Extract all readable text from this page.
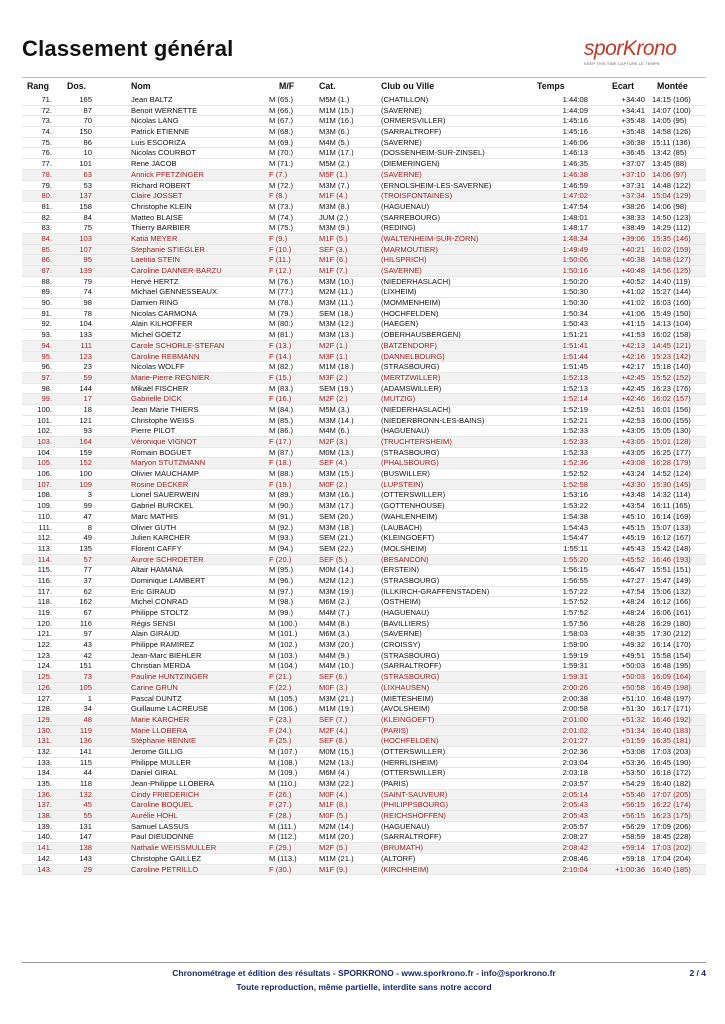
Classement général	sporKrono
KEEP THIS TIME CAPTURE LE TEMPS
Rang	Dos.	Nom	M/F	Cat.	Club ou Ville	Temps	Ecart	Montée
71.	165	Jean BALTZ	M (65.)	M5M (1.)	(CHATILLON)	1:44:08	+34:40 14:15 (106)
72.	87	Benoit WERNETTE	M (66.)	M1M (15.)	(SAVERNE)	1:44:09	+34:41 14:07 (100)
73.	70	Nicolas LANG	M (67.)	M1M (16.)	(ORMERSVILLER)	1:45:16	+35:48 14:05 (95)
74.	150	Patrick ETIENNE	M (68.)	M3M (6.)	(SARRALTROFF)	1:45:16	+35:48 14:58 (126)
75.	86	Luis ESCORIZA	M (69.)	M4M (5.)	(SAVERNE)	1:46:06	+36:38 15:11 (136)
76.	10	Nicolas COURBOT	M (70.)	M1M (17.)	(DOSSENHEIM-SUR-ZINSEL)	1:46:13	+36:45 13:42 (85)
77.	101	Rene JACOB	M (71.)	M5M (2.)	(DIEMERINGEN)	1:46:35	+37:07 13:45 (88)
78.	63	Annick PFETZINGER	F (7.)	M5F (1.)	(SAVERNE)	1:46:38	+37:10 14:06 (97)
79.	53	Richard ROBERT	M (72.)	M3M (7.)	(ERNOLSHEIM-LES-SAVERNE)	1:46:59	+37:31 14:48 (122)
80.	137	Claire JOSSET	F (8.)	M1F (4.)	(TROISFONTAINES)	1:47:02	+37:34 15:04 (129)
81.	158	Christophe KLEIN	M (73.)	M3M (8.)	(HAGUENAU)	1:47:54	+38:26 14:06 (98)
82.	84	Matteo BLAISE	M (74.)	JUM (2.)	(SARREBOURG)	1:48:01	+38:33 14:50 (123)
83.	75	Thierry BARBIER	M (75.)	M3M (9.)	(REDING)	1:48:17	+38:49 14:29 (112)
84.	103	Katia MEYER	F (9.)	M1F (5.)	(WALTENHEIM-SUR-ZORN)	1:48:34	+39:06 15:35 (146)
85.	107	Stephanie STIEGLER	F (10.)	SEF (3.)	(MARMOUTIER)	1:49:49	+40:21 16:02 (159)
86.	95	Laetitia STEIN	F (11.)	M1F (6.)	(HILSPRICH)	1:50:06	+40:38 14:58 (127)
87.	139	Caroline DANNER-BARZU	F (12.)	M1F (7.)	(SAVERNE)	1:50:16	+40:48 14:56 (125)
88.	79	Hervé HERTZ	M (76.)	M3M (10.)	(NIEDERHASLACH)	1:50:20	+40:52 14:40 (119)
89.	74	Michael GENNESSEAUX	M (77.)	M2M (11.)	(LIXHEIM)	1:50:30	+41:02 15:27 (144)
90.	98	Damien RING	M (78.)	M3M (11.)	(MOMMENHEIM)	1:50:30	+41:02 16:03 (160)
91.	78	Nicolas CARMONA	M (79.)	SEM (18.)	(HOCHFELDEN)	1:50:34	+41:06 15:49 (150)
92.	104	Alain KILHOFFER	M (80.)	M3M (12.)	(HAEGEN)	1:50:43	+41:15 14:13 (104)
93.	133	Michel GOETZ	M (81.)	M3M (13.)	(OBERHAUSBERGEN)	1:51:21	+41:53 16:02 (158)
94.	111	Carole SCHORLE-STEFAN	F (13.)	M2F (1.)	(BATZENDORF)	1:51:41	+42:13 14:45 (121)
95.	123	Caroline REBMANN	F (14.)	M3F (1.)	(DANNELBOURG)	1:51:44	+42:16 15:23 (142)
96.	23	Nicolas WOLFF	M (82.)	M1M (18.)	(STRASBOURG)	1:51:45	+42:17 15:18 (140)
97.	59	Marie-Pierre REGNIER	F (15.)	M3F (2.)	(MERTZWILLER)	1:52:13	+42:45 15:52 (152)
98.	144	Mikaël FISCHER	M (83.)	SEM (19.)	(ADAMSWILLER)	1:52:13	+42:45 16:23 (176)
99.	17	Gabrielle DICK	F (16.)	M2F (2.)	(MUTZIG)	1:52:14	+42:46 16:02 (157)
100.	18	Jean Marie THIERS	M (84.)	M5M (3.)	(NIEDERHASLACH)	1:52:19	+42:51 16:01 (156)
101.	121	Christophe WEISS	M (85.)	M3M (14.)	(NIEDERBRONN-LES-BAINS)	1:52:21	+42:53 16:00 (155)
102.	93	Pierre PILOT	M (86.)	M4M (6.)	(HAGUENAU)	1:52:33	+43:05 15:05 (130)
103.	164	Véronique VIGNOT	F (17.)	M2F (3.)	(TRUCHTERSHEIM)	1:52:33	+43:05 15:01 (128)
104.	159	Romain BOGUET	M (87.)	M0M (13.)	(STRASBOURG)	1:52:33	+43:05 16:25 (177)
105.	152	Maryon STUTZMANN	F (18.)	SEF (4.)	(PHALSBOURG)	1:52:36	+43:08 16:28 (179)
106.	100	Olivier MAUCHAMP	M (88.)	M3M (15.)	(BUSWILLER)	1:52:52	+43:24 14:52 (124)
107.	109	Rosine DECKER	F (19.)	M0F (2.)	(LUPSTEIN)	1:52:58	+43:30 15:30 (145)
108.	3	Lionel SAUERWEIN	M (89.)	M3M (16.)	(OTTERSWILLER)	1:53:16	+43:48 14:32 (114)
109.	99	Gabriel BURCKEL	M (90.)	M3M (17.)	(GOTTENHOUSE)	1:53:22	+43:54 16:11 (165)
110.	47	Marc MATHIS	M (91.)	SEM (20.)	(WAHLENHEIM)	1:54:38	+45:10 16:14 (169)
111.	8	Olivier GUTH	M (92.)	M3M (18.)	(LAUBACH)	1:54:43	+45:15 15:07 (133)
112.	49	Julien KARCHER	M (93.)	SEM (21.)	(KLEINGOEFT)	1:54:47	+45:19 16:12 (167)
113.	135	Florent CAFFY	M (94.)	SEM (22.)	(MOLSHEIM)	1:55:11	+45:43 15:42 (148)
114.	57	Aurore SCHROETER	F (20.)	SEF (5.)	(BESANCON)	1:55:20	+45:52 16:46 (193)
115.	77	Altair HAMANA	M (95.)	M0M (14.)	(ERSTEIN)	1:56:15	+46:47 15:51 (151)
116.	37	Dominique LAMBERT	M (96.)	M2M (12.)	(STRASBOURG)	1:56:55	+47:27 15:47 (149)
117.	62	Eric GIRAUD	M (97.)	M3M (19.)	(ILLKIRCH-GRAFFENSTADEN)	1:57:22	+47:54 15:06 (132)
118.	162	Michel CONRAD	M (98.)	M6M (2.)	(OSTHEIM)	1:57:52	+48:24 16:12 (166)
119.	67	Philippe STOLTZ	M (99.)	M4M (7.)	(HAGUENAU)	1:57:52	+48:24 16:06 (161)
120.	116	Régis SENSI	M (100.)	M4M (8.)	(BAVILLIERS)	1:57:56	+48:28 16:29 (180)
121.	97	Alain GIRAUD	M (101.)	M6M (3.)	(SAVERNE)	1:58:03	+48:35 17:30 (212)
122.	43	Philippe RAMIREZ	M (102.)	M3M (20.)	(CROISSY)	1:59:00	+49:32 16:14 (170)
123.	42	Jean-Marc BIEHLER	M (103.)	M4M (9.)	(STRASBOURG)	1:59:19	+49:51 15:58 (154)
124.	151	Christian MERDA	M (104.)	M4M (10.)	(SARRALTROFF)	1:59:31	+50:03 16:48 (195)
125.	73	Pauline HUNTZINGER	F (21.)	SEF (6.)	(STRASBOURG)	1:59:31	+50:03 16:09 (164)
126.	105	Carine GRUN	F (22.)	M0F (3.)	(LIXHAUSEN)	2:00:26	+50:58 16:49 (198)
127.	1	Pascal DUNTZ	M (105.)	M3M (21.)	(MIETESHEIM)	2:00:38	+51:10 16:48 (197)
128.	34	Guillaume LACREUSE	M (106.)	M1M (19.)	(AVOLSHEIM)	2:00:58	+51:30 16:17 (171)
129.	48	Marie KARCHER	F (23.)	SEF (7.)	(KLEINGOEFT)	2:01:00	+51:32 16:46 (192)
130.	119	Marie LLOBERA	F (24.)	M2F (4.)	(PARIS)	2:01:02	+51:34 16:40 (183)
131.	136	Stéphanie RENNIE	F (25.)	SEF (8.)	(HOCHFELDEN)	2:01:27	+51:59 16:35 (181)
132.	141	Jerome GILLIG	M (107.)	M0M (15.)	(OTTERSWILLER)	2:02:36	+53:08 17:03 (203)
133.	115	Philippe MULLER	M (108.)	M2M (13.)	(HERRLISHEIM)	2:03:04	+53:36 16:45 (190)
134.	44	Daniel GIRAL	M (109.)	M6M (4.)	(OTTERSWILLER)	2:03:18	+53:50 16:18 (172)
135.	118	Jean-Philippe LLOBERA	M (110.)	M3M (22.)	(PARIS)	2:03:57	+54:29 16:40 (182)
136.	132	Cindy FRIEDERICH	F (26.)	M0F (4.)	(SAINT-SAUVEUR)	2:05:14	+55:46 17:07 (205)
137.	45	Caroline BOQUEL	F (27.)	M1F (8.)	(PHILIPPSBOURG)	2:05:43	+56:15 16:22 (174)
138.	55	Aurélie HOHL	F (28.)	M0F (5.)	(REICHSHOFFEN)	2:05:43	+56:15 16:23 (175)
139.	131	Samuel LASSUS	M (111.)	M2M (14.)	(HAGUENAU)	2:05:57	+56:29 17:09 (206)
140.	147	Paul DIEUDONNE	M (112.)	M1M (20.)	(SARRALTROFF)	2:08:27	+58:59 18:45 (228)
141.	138	Nathalie WEISSMULLER	F (29.)	M2F (5.)	(BRUMATH)	2:08:42	+59:14 17:03 (202)
142.	143	Christophe GAILLEZ	M (113.)	M1M (21.)	(ALTORF)	2:08:46	+59:18 17:04 (204)
143.	29	Caroline PETRILLO	F (30.)	M1F (9.)	(KIRCHHEIM)	2:10:04	+1:00:36 16:40 (185)
Chronométrage et édition des résultats - SPORKRONO - www.sporkrono.fr - info@sporkrono.fr
Toute reproduction, même partielle, interdite sans notre accord
2 / 4
